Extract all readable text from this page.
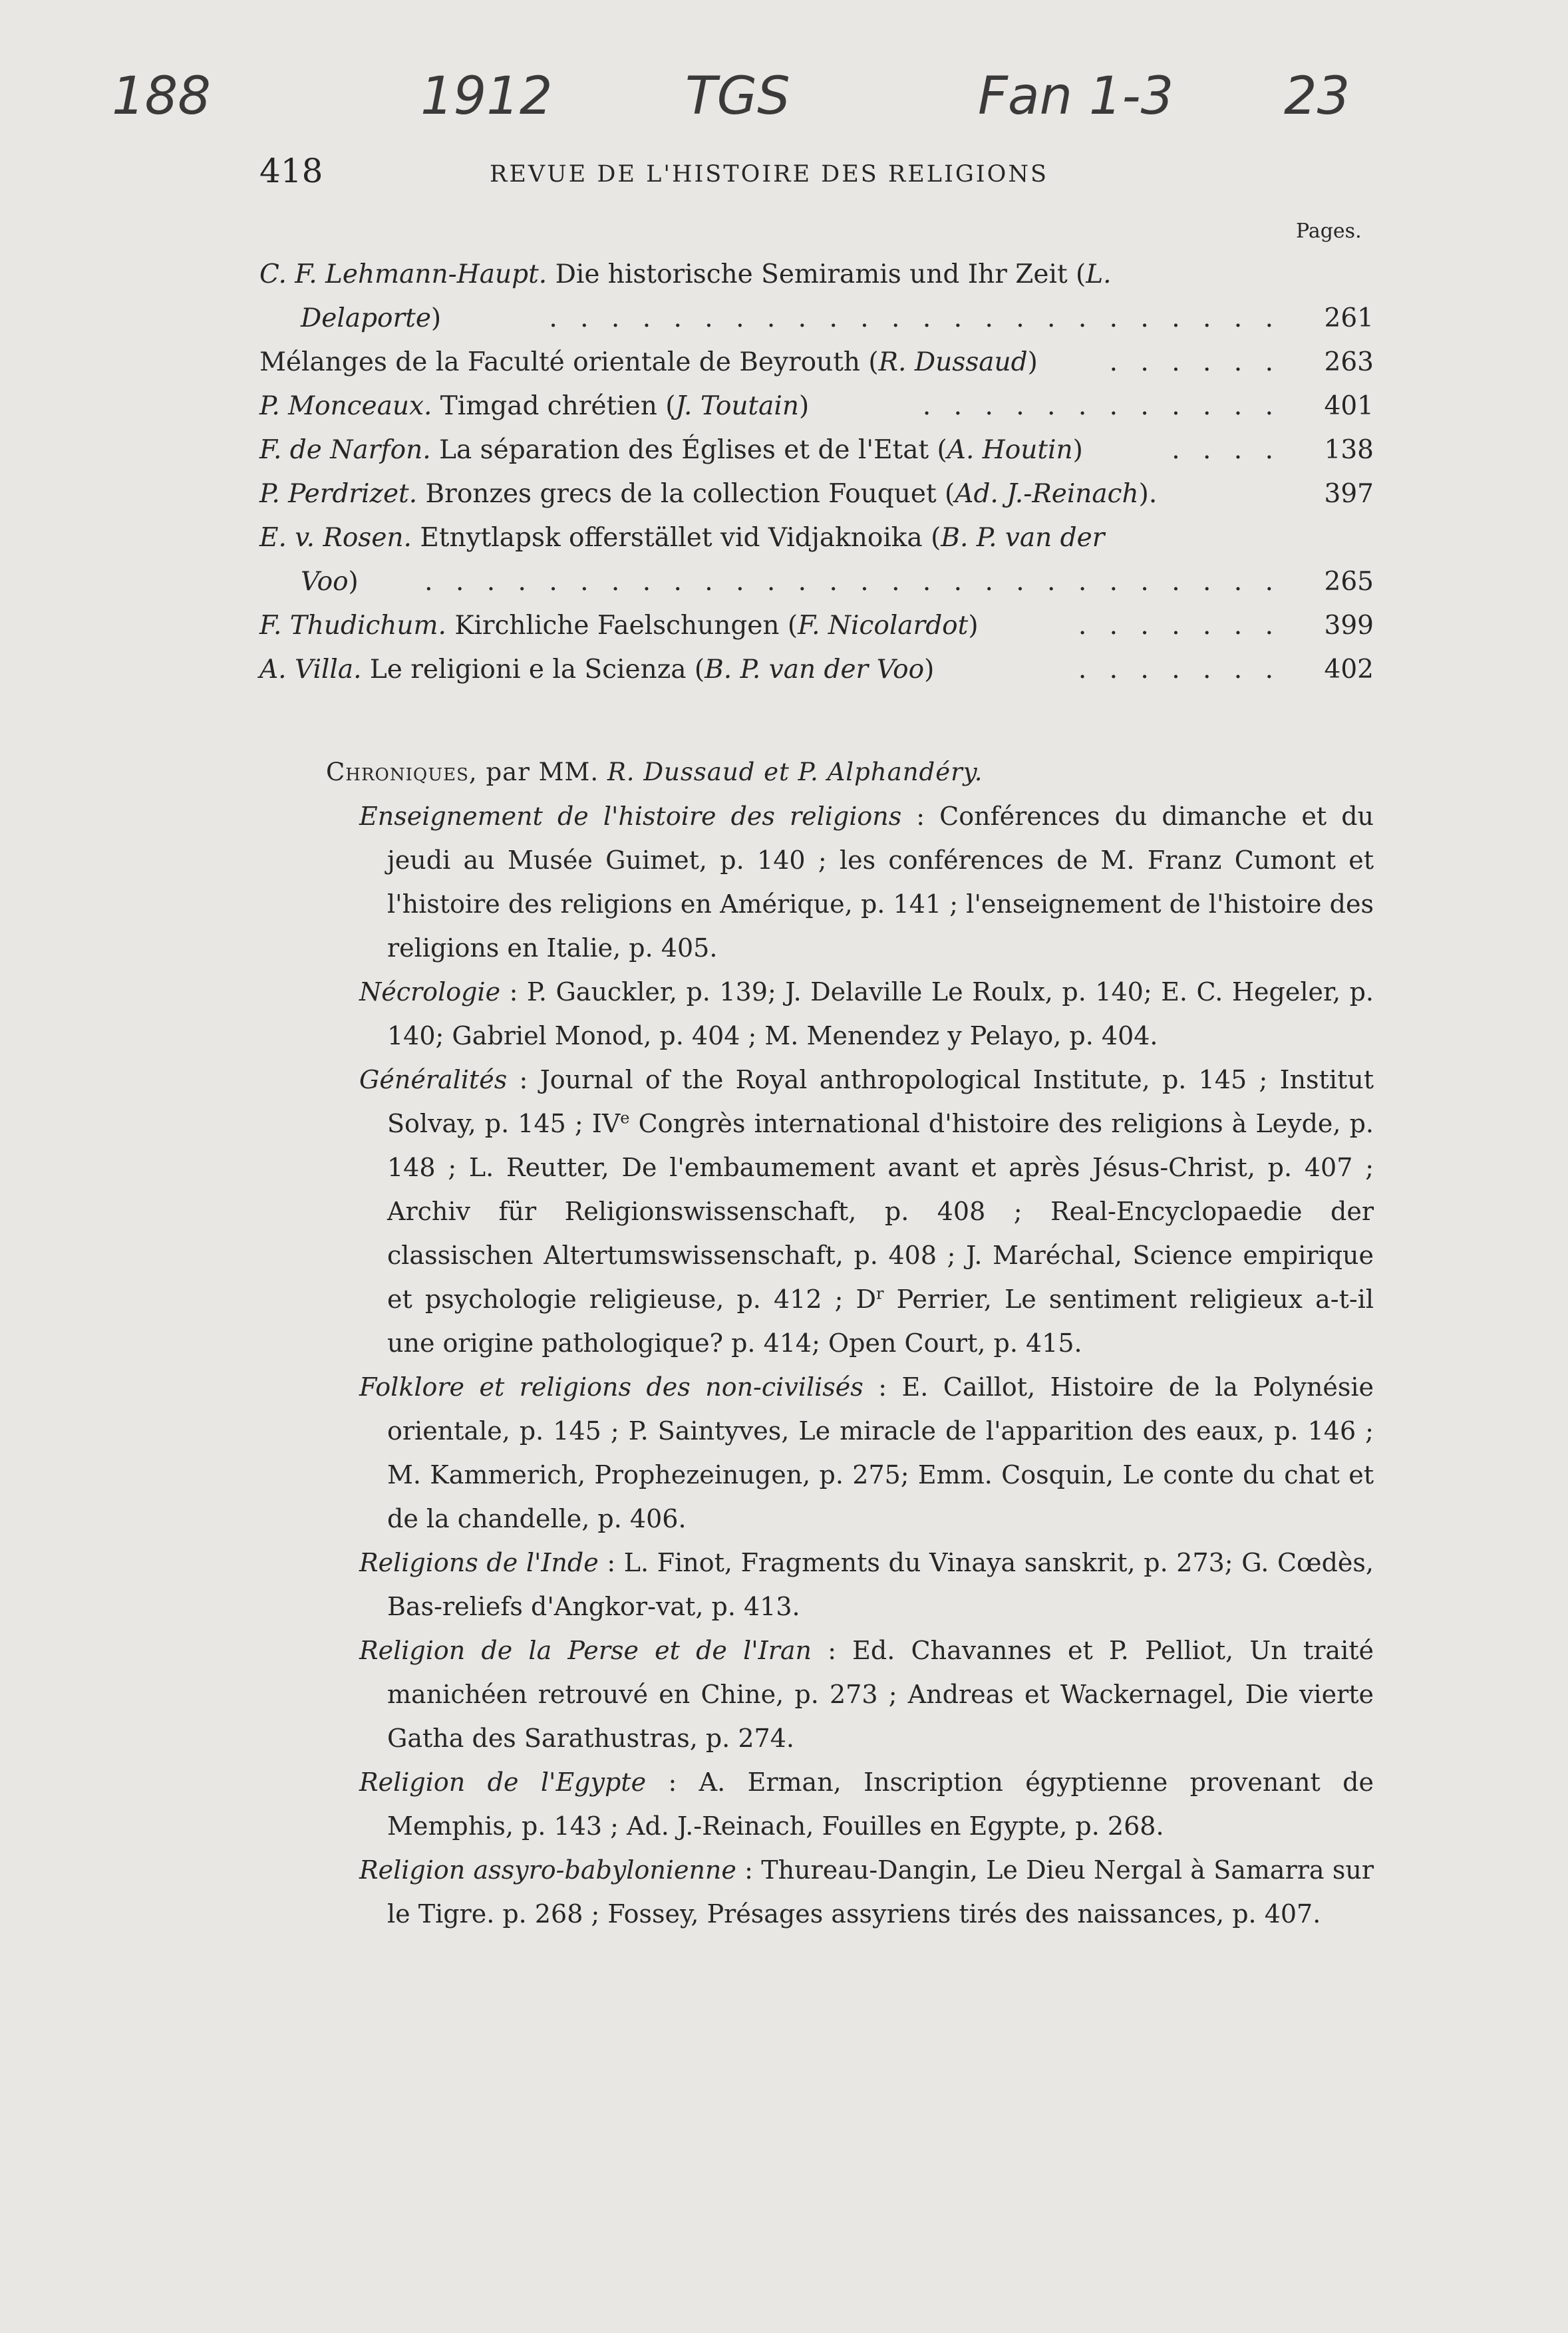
188	1912	TGS	Fan 1-3 23
418	REVUE DE L'HISTOIRE DES RELIGIONS
Pages.
C. F. Lehmann-Haupt. Die historische Semiramis und Ihr Zeit (L.
Delaporte)	. . . . . . . . . . . . . . . . . . . . . . . . 261
Mélanges de la Faculté orientale de Beyrouth (R. Dussaud)	. . . . . . 263
P. Monceaux. Timgad chrétien (J. Toutain)	. . . . . . . . . . . . 401
F. de Narfon. La séparation des Églises et de l'Etat (A. Houtin)	. . . . 138
P. Perdrizet. Bronzes grecs de la collection Fouquet (Ad. J.-Reinach).	397
E. v. Rosen. Etnytlapsk offerstället vid Vidjaknoika (B. P. van der
Voo)	. . . . . . . . . . . . . . . . . . . . . . . . . . . . 265
F. Thudichum. Kirchliche Faelschungen (F. Nicolardot)	. . . . . . . 399
A. Villa. Le religioni e la Scienza (B. P. van der Voo)	. . . . . . . 402
Chroniques, par MM. R. Dussaud et P. Alphandéry.

Enseignement de l'histoire des religions : Conférences du dimanche et du jeudi au Musée Guimet, p. 140 ; les conférences de M. Franz Cumont et l'histoire des religions en Amérique, p. 141 ; l'enseignement de l'histoire des religions en Italie, p. 405.

Nécrologie : P. Gauckler, p. 139; J. Delaville Le Roulx, p. 140; E. C. Hegeler, p. 140; Gabriel Monod, p. 404 ; M. Menendez y Pelayo, p. 404.

Généralités : Journal of the Royal anthropological Institute, p. 145 ; Institut Solvay, p. 145 ; IVe Congrès international d'histoire des religions à Leyde, p. 148 ; L. Reutter, De l'embaumement avant et après Jésus-Christ, p. 407 ; Archiv für Religionswissenschaft, p. 408 ; Real-Encyclopaedie der classischen Altertumswissenschaft, p. 408 ; J. Maréchal, Science empirique et psychologie religieuse, p. 412 ; $D^r$ Perrier, Le sentiment religieux a-t-il une origine pathologique? p. 414; Open Court, p. 415.

Folklore et religions des non-civilisés : E. Caillot, Histoire de la Polynésie orientale, p. 145 ; P. Saintyves, Le miracle de l'apparition des eaux, p. 146 ; M. Kammerich, Prophezeinugen, p. 275; Emm. Cosquin, Le conte du chat et de la chandelle, p. 406.

Religions de l'Inde : L. Finot, Fragments du Vinaya sanskrit, p. 273; G. Cœdès, Bas-reliefs d'Angkor-vat, p. 413.

Religion de la Perse et de l'Iran : Ed. Chavannes et P. Pelliot, Un traité manichéen retrouvé en Chine, p. 273 ; Andreas et Wackernagel, Die vierte Gatha des Sarathustras, p. 274.

Religion de l'Egypte : A. Erman, Inscription égyptienne provenant de Memphis, p. 143 ; Ad. J.-Reinach, Fouilles en Egypte, p. 268.

Religion assyro-babylonienne : Thureau-Dangin, Le Dieu Nergal à Samarra sur le Tigre. p. 268 ; Fossey, Présages assyriens tirés des naissances, p. 407.
